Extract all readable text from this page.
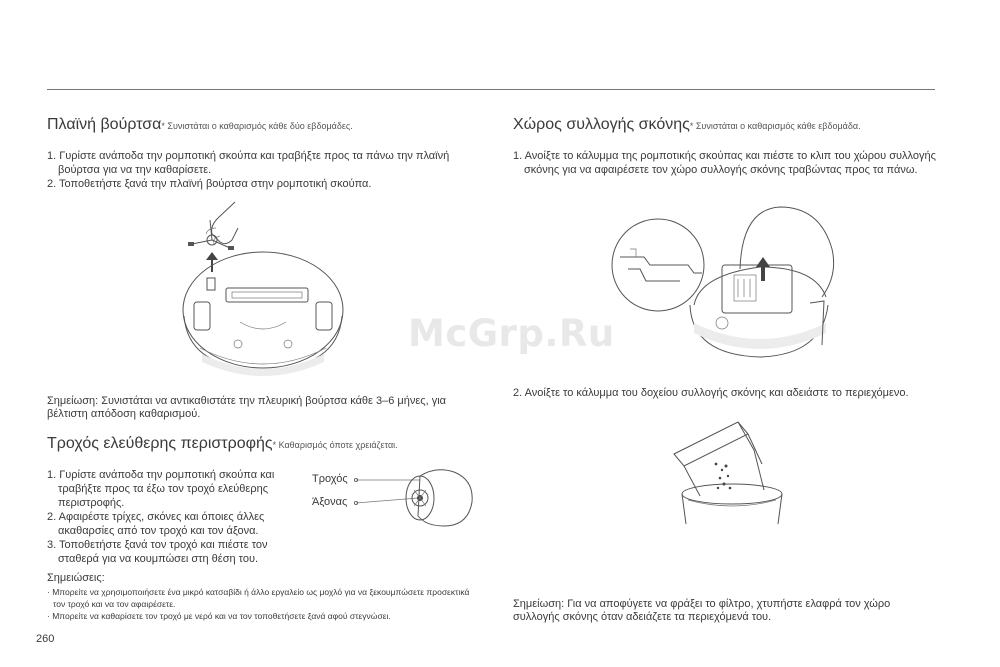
Πλαϊνή βούρτσα* Συνιστάται ο καθαρισμός κάθε δύο εβδομάδες.
1. Γυρίστε ανάποδα την ρομποτική σκούπα και τραβήξτε προς τα πάνω την πλαϊνή βούρτσα για να την καθαρίσετε.
2. Τοποθετήστε ξανά την πλαϊνή βούρτσα στην ρομποτική σκούπα.
Σημείωση: Συνιστάται να αντικαθιστάτε την πλευρική βούρτσα κάθε 3–6 μήνες, για βέλτιστη απόδοση καθαρισμού.
Τροχός ελεύθερης περιστροφής* Καθαρισμός όποτε χρειάζεται.
1. Γυρίστε ανάποδα την ρομποτική σκούπα και τραβήξτε προς τα έξω τον τροχό ελεύθερης περιστροφής.
2. Αφαιρέστε τρίχες, σκόνες και όποιες άλλες ακαθαρσίες από τον τροχό και τον άξονα.
3. Τοποθετήστε ξανά τον τροχό και πιέστε τον σταθερά για να κουμπώσει στη θέση του.
Τροχός
Άξονας
Σημειώσεις:
· Μπορείτε να χρησιμοποιήσετε ένα μικρό κατσαβίδι ή άλλο εργαλείο ως μοχλό για να ξεκουμπώσετε προσεκτικά τον τροχό και να τον αφαιρέσετε.
· Μπορείτε να καθαρίσετε τον τροχό με νερό και να τον τοποθετήσετε ξανά αφού στεγνώσει.
Χώρος συλλογής σκόνης* Συνιστάται ο καθαρισμός κάθε εβδομάδα.
1. Ανοίξτε το κάλυμμα της ρομποτικής σκούπας και πιέστε το κλιπ του χώρου συλλογής σκόνης για να αφαιρέσετε τον χώρο συλλογής σκόνης τραβώντας προς τα πάνω.
2. Ανοίξτε το κάλυμμα του δοχείου συλλογής σκόνης και αδειάστε το περιεχόμενο.
Σημείωση: Για να αποφύγετε να φράξει το φίλτρο, χτυπήστε ελαφρά τον χώρο συλλογής σκόνης όταν αδειάζετε τα περιεχόμενά του.
McGrp.Ru
260
